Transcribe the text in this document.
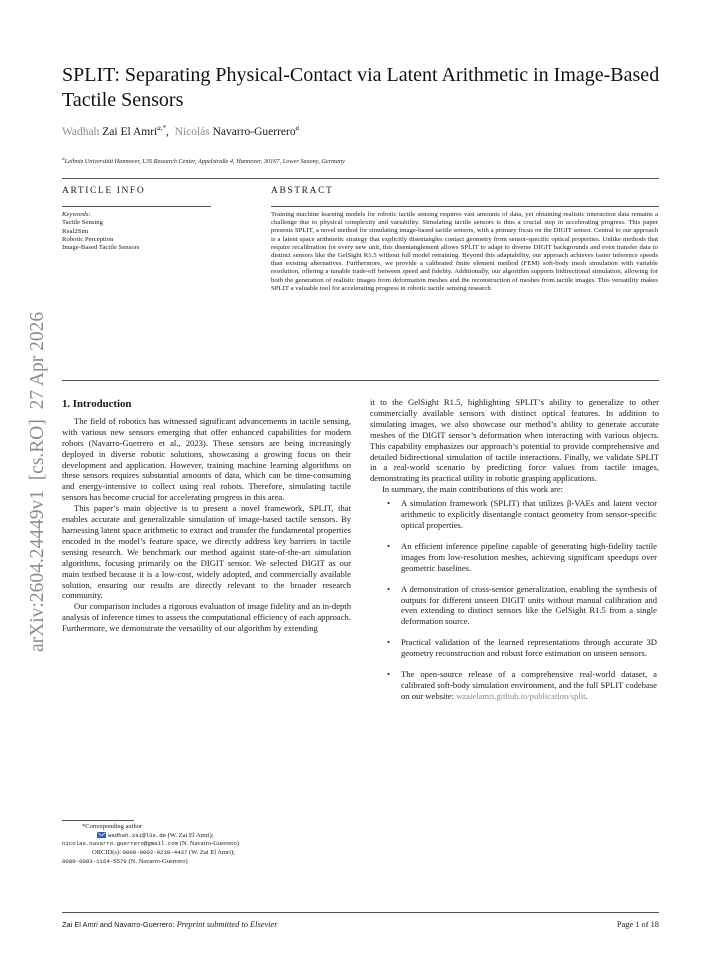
arXiv:2604.24449v1  [cs.RO]  27 Apr 2026
SPLIT: Separating Physical-Contact via Latent Arithmetic in Image-Based Tactile Sensors
Wadhah Zai El Amri$^{a,*}$,  Nicolás Navarro-Guerrero$^a$
$^a$Leibniz Universität Hannover, L3S Research Center, Appelstraße 4, Hannover, 30167, Lower Saxony, Germany
ARTICLE INFO	ABSTRACT
Keywords:
Tactile Sensing
Real2Sim
Robotic Perception
Image-Based Tactile Sensors

Training machine learning models for robotic tactile sensing requires vast amounts of data, yet obtaining realistic interaction data remains a challenge due to physical complexity and variability. Simulating tactile sensors is thus a crucial step in accelerating progress. This paper presents SPLIT, a novel method for simulating image-based tactile sensors, with a primary focus on the DIGIT sensor. Central to our approach is a latent space arithmetic strategy that explicitly disentangles contact geometry from sensor-specific optical properties. Unlike methods that require recalibration for every new unit, this disentanglement allows SPLIT to adapt to diverse DIGIT backgrounds and even transfer data to distinct sensors like the GelSight R1.5 without full model retraining. Beyond this adaptability, our approach achieves faster inference speeds than existing alternatives. Furthermore, we provide a calibrated finite element method (FEM) soft-body mesh simulation with variable resolution, offering a tunable trade-off between speed and fidelity. Additionally, our algorithm supports bidirectional simulation, allowing for both the generation of realistic images from deformation meshes and the reconstruction of meshes from tactile images. This versatility makes SPLIT a valuable tool for accelerating progress in robotic tactile sensing research.

1. Introduction

The field of robotics has witnessed significant advancements in tactile sensing, with various new sensors emerging that offer enhanced capabilities for modern robots (Navarro-Guerrero et al., 2023). These sensors are being increasingly deployed in diverse robotic solutions, showcasing a growing focus on their development and application. However, training machine learning algorithms on these sensors requires substantial amounts of data, which can be time-consuming and energy-intensive to collect using real robots. Therefore, simulating tactile sensors has become crucial for accelerating progress in this area.

This paper’s main objective is to present a novel framework, SPLIT, that enables accurate and generalizable simulation of image-based tactile sensors. By harnessing latent space arithmetic to extract and transfer the fundamental properties encoded in the model’s feature space, we directly address key barriers in tactile sensing research. We benchmark our method against state-of-the-art simulation algorithms, focusing primarily on the DIGIT sensor. We selected DIGIT as our main testbed because it is a low-cost, widely adopted, and commercially available solution, ensuring our results are directly relevant to the broader research community.

Our comparison includes a rigorous evaluation of image fidelity and an in-depth analysis of inference times to assess the computational efficiency of each approach. Furthermore, we demonstrate the versatility of our algorithm by extending

it to the GelSight R1.5, highlighting SPLIT’s ability to generalize to other commercially available sensors with distinct optical features. In addition to simulating images, we also showcase our method’s ability to generate accurate meshes of the DIGIT sensor’s deformation when interacting with various objects. This capability emphasizes our approach’s potential to provide comprehensive and detailed bidirectional simulation of tactile interactions. Finally, we validate SPLIT in a real-world scenario by predicting force values from tactile images, demonstrating its practical utility in robotic grasping applications.

In summary, the main contributions of this work are:

• A simulation framework (SPLIT) that utilizes β-VAEs and latent vector arithmetic to explicitly disentangle contact geometry from sensor-specific optical properties.
• An efficient inference pipeline capable of generating high-fidelity tactile images from low-resolution meshes, achieving significant speedups over geometric baselines.
• A demonstration of cross-sensor generalization, enabling the synthesis of outputs for different unseen DIGIT units without manual calibration and even extending to distinct sensors like the GelSight R1.5 from a single deformation source.
• Practical validation of the learned representations through accurate 3D geometry reconstruction and robust force estimation on unseen sensors.
• The open-source release of a comprehensive real-world dataset, a calibrated soft-body simulation environment, and the full SPLIT codebase on our website: wzaielamri.github.io/publication/split.
*Corresponding author
wadhah.zai@l3s.de (W. Zai El Amri);
nicolas.navarro.guerrero@gmail.com (N. Navarro-Guerrero)
ORCID(s): 0000-0002-0238-4437 (W. Zai El Amri);
0000-0003-1164-5579 (N. Navarro-Guerrero)
Zai El Amri and Navarro-Guerrero: Preprint submitted to Elsevier	Page 1 of 18
